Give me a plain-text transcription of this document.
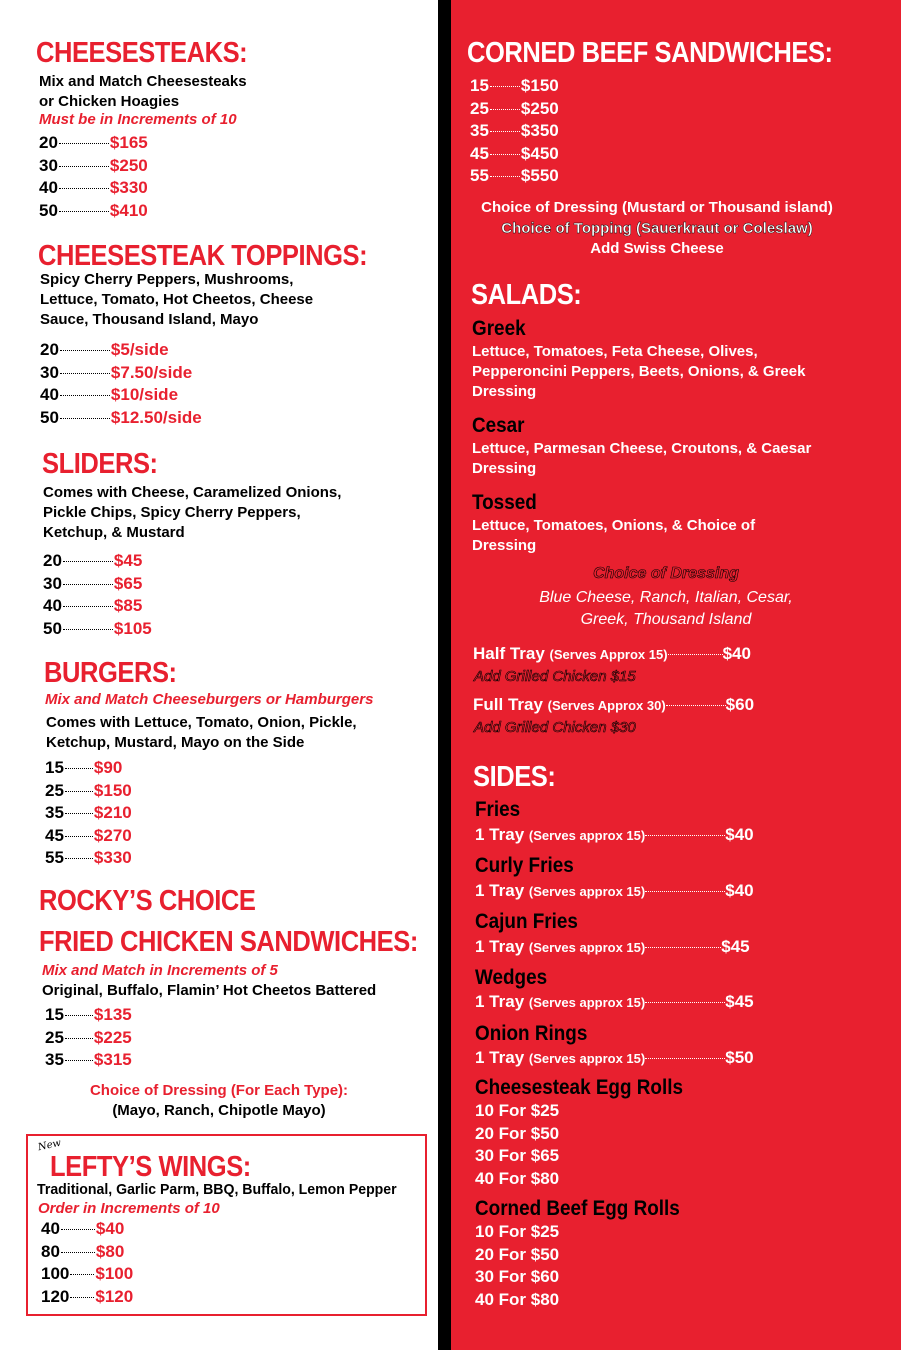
CHEESESTEAKS:
Mix and Match Cheesesteaks
or Chicken Hoagies
Must be in Increments of 10
20	$165
30	$250
40	$330
50	$410
CHEESESTEAK TOPPINGS:
Spicy Cherry Peppers, Mushrooms,
Lettuce, Tomato, Hot Cheetos, Cheese
Sauce, Thousand Island, Mayo
20	$5/side
30	$7.50/side
40	$10/side
50	$12.50/side
SLIDERS:
Comes with Cheese, Caramelized Onions,
Pickle Chips, Spicy Cherry Peppers,
Ketchup, & Mustard
20	$45
30	$65
40	$85
50	$105
BURGERS:
Mix and Match Cheeseburgers or Hamburgers
Comes with Lettuce, Tomato, Onion, Pickle,
Ketchup, Mustard, Mayo on the Side
15 $90
25 $150
35 $210
45 $270
55 $330
ROCKY’S CHOICE
FRIED CHICKEN SANDWICHES:
Mix and Match in Increments of 5
Original, Buffalo, Flamin’ Hot Cheetos Battered
15 $135
25 $225
35 $315
Choice of Dressing (For Each Type):
(Mayo, Ranch, Chipotle Mayo)
New
LEFTY’S WINGS:
Traditional, Garlic Parm, BBQ, Buffalo, Lemon Pepper
Order in Increments of 10
40 $40
80 $80
100 $100
120 $120
CORNED BEEF SANDWICHES:
15 $150
25 $250
35 $350
45 $450
55 $550
Choice of Dressing (Mustard or Thousand island)
Choice of Topping (Sauerkraut or Coleslaw)
Add Swiss Cheese
SALADS:
Greek
Lettuce, Tomatoes, Feta Cheese, Olives,
Pepperoncini Peppers, Beets, Onions, & Greek
Dressing
Cesar
Lettuce, Parmesan Cheese, Croutons, & Caesar
Dressing
Tossed
Lettuce, Tomatoes, Onions, & Choice of
Dressing
Choice of Dressing
Blue Cheese, Ranch, Italian, Cesar,
Greek, Thousand Island
Half Tray (Serves Approx 15)	$40
Add Grilled Chicken $15
Full Tray (Serves Approx 30)	$60
Add Grilled Chicken $30
SIDES:
Fries
1 Tray (Serves approx 15)	$40
Curly Fries
1 Tray (Serves approx 15)	$40
Cajun Fries
1 Tray (Serves approx 15)	$45
Wedges
1 Tray (Serves approx 15)	$45
Onion Rings
1 Tray (Serves approx 15)	$50
Cheesesteak Egg Rolls
10 For $25
20 For $50
30 For $65
40 For $80
Corned Beef Egg Rolls
10 For $25
20 For $50
30 For $60
40 For $80
